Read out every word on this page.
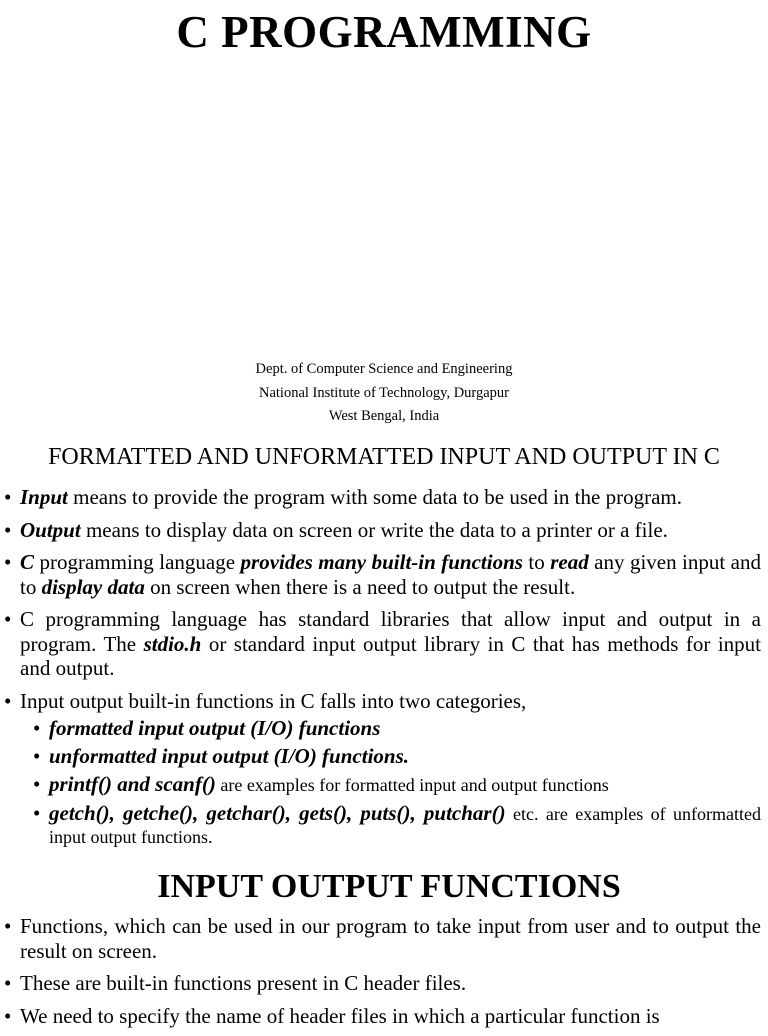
C PROGRAMMING
Dept. of Computer Science and Engineering
National Institute of Technology, Durgapur
West Bengal, India
FORMATTED AND UNFORMATTED INPUT AND OUTPUT IN C
• Input means to provide the program with some data to be used in the program.
• Output means to display data on screen or write the data to a printer or a file.
• C programming language provides many built-in functions to read any given input and to display data on screen when there is a need to output the result.
• C programming language has standard libraries that allow input and output in a program. The stdio.h or standard input output library in C that has methods for input and output.
• Input output built-in functions in C falls into two categories,
• formatted input output (I/O) functions
• unformatted input output (I/O) functions.
• printf() and scanf() are examples for formatted input and output functions
• getch(), getche(), getchar(), gets(), puts(), putchar() etc. are examples of unformatted input output functions.
INPUT OUTPUT FUNCTIONS
• Functions, which can be used in our program to take input from user and to output the result on screen.
• These are built-in functions present in C header files.
• We need to specify the name of header files in which a particular function is
